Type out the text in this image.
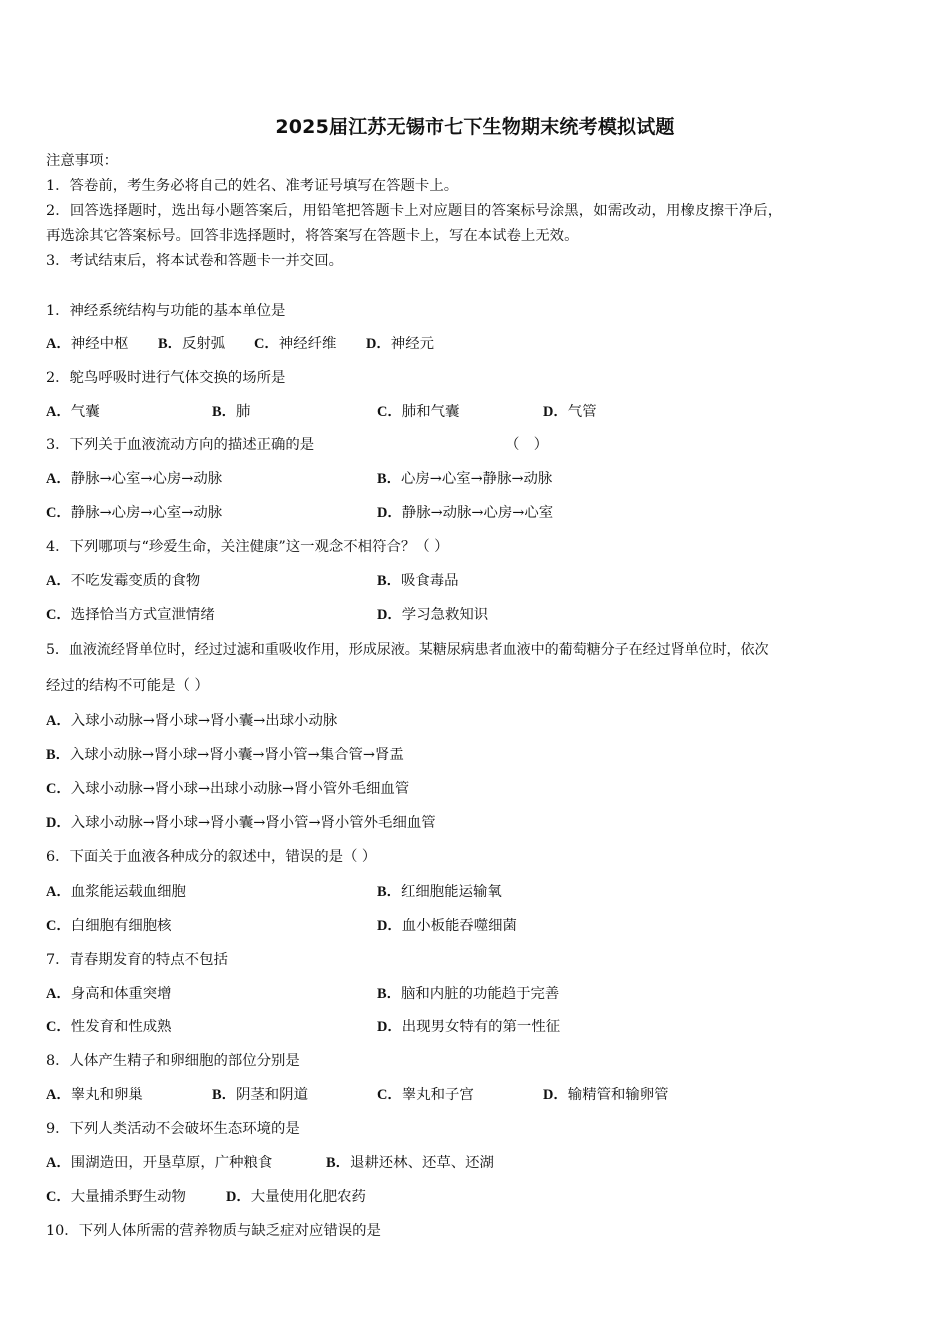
2025届江苏无锡市七下生物期末统考模拟试题
注意事项：
1．答卷前，考生务必将自己的姓名、准考证号填写在答题卡上。
2．回答选择题时，选出每小题答案后，用铅笔把答题卡上对应题目的答案标号涂黑，如需改动，用橡皮擦干净后，
再选涂其它答案标号。回答非选择题时，将答案写在答题卡上，写在本试卷上无效。
3．考试结束后，将本试卷和答题卡一并交回。
1．神经系统结构与功能的基本单位是
A．神经中枢 B．反射弧 C．神经纤维 D．神经元
2．鸵鸟呼吸时进行气体交换的场所是
A．气囊	B．肺	C．肺和气囊	D．气管
3．下列关于血液流动方向的描述正确的是	（　）
A．静脉→心室→心房→动脉	B．心房→心室→静脉→动脉
C．静脉→心房→心室→动脉	D．静脉→动脉→心房→心室
4．下列哪项与“珍爱生命，关注健康”这一观念不相符合？（ ）
A．不吃发霉变质的食物	B．吸食毒品
C．选择恰当方式宣泄情绪	D．学习急救知识
5．血液流经肾单位时，经过过滤和重吸收作用，形成尿液。某糖尿病患者血液中的葡萄糖分子在经过肾单位时，依次
经过的结构不可能是（ ）
A．入球小动脉→肾小球→肾小囊→出球小动脉
B．入球小动脉→肾小球→肾小囊→肾小管→集合管→肾盂
C．入球小动脉→肾小球→出球小动脉→肾小管外毛细血管
D．入球小动脉→肾小球→肾小囊→肾小管→肾小管外毛细血管
6．下面关于血液各种成分的叙述中，错误的是（ ）
A．血浆能运载血细胞	B．红细胞能运输氧
C．白细胞有细胞核	D．血小板能吞噬细菌
7．青春期发育的特点不包括
A．身高和体重突增	B．脑和内脏的功能趋于完善
C．性发育和性成熟	D．出现男女特有的第一性征
8．人体产生精子和卵细胞的部位分别是
A．睾丸和卵巢	B．阴茎和阴道	C．睾丸和子宫	D．输精管和输卵管
9．下列人类活动不会破坏生态环境的是
A．围湖造田，开垦草原，广种粮食	B．退耕还林、还草、还湖
C．大量捕杀野生动物	D．大量使用化肥农药
10．下列人体所需的营养物质与缺乏症对应错误的是
